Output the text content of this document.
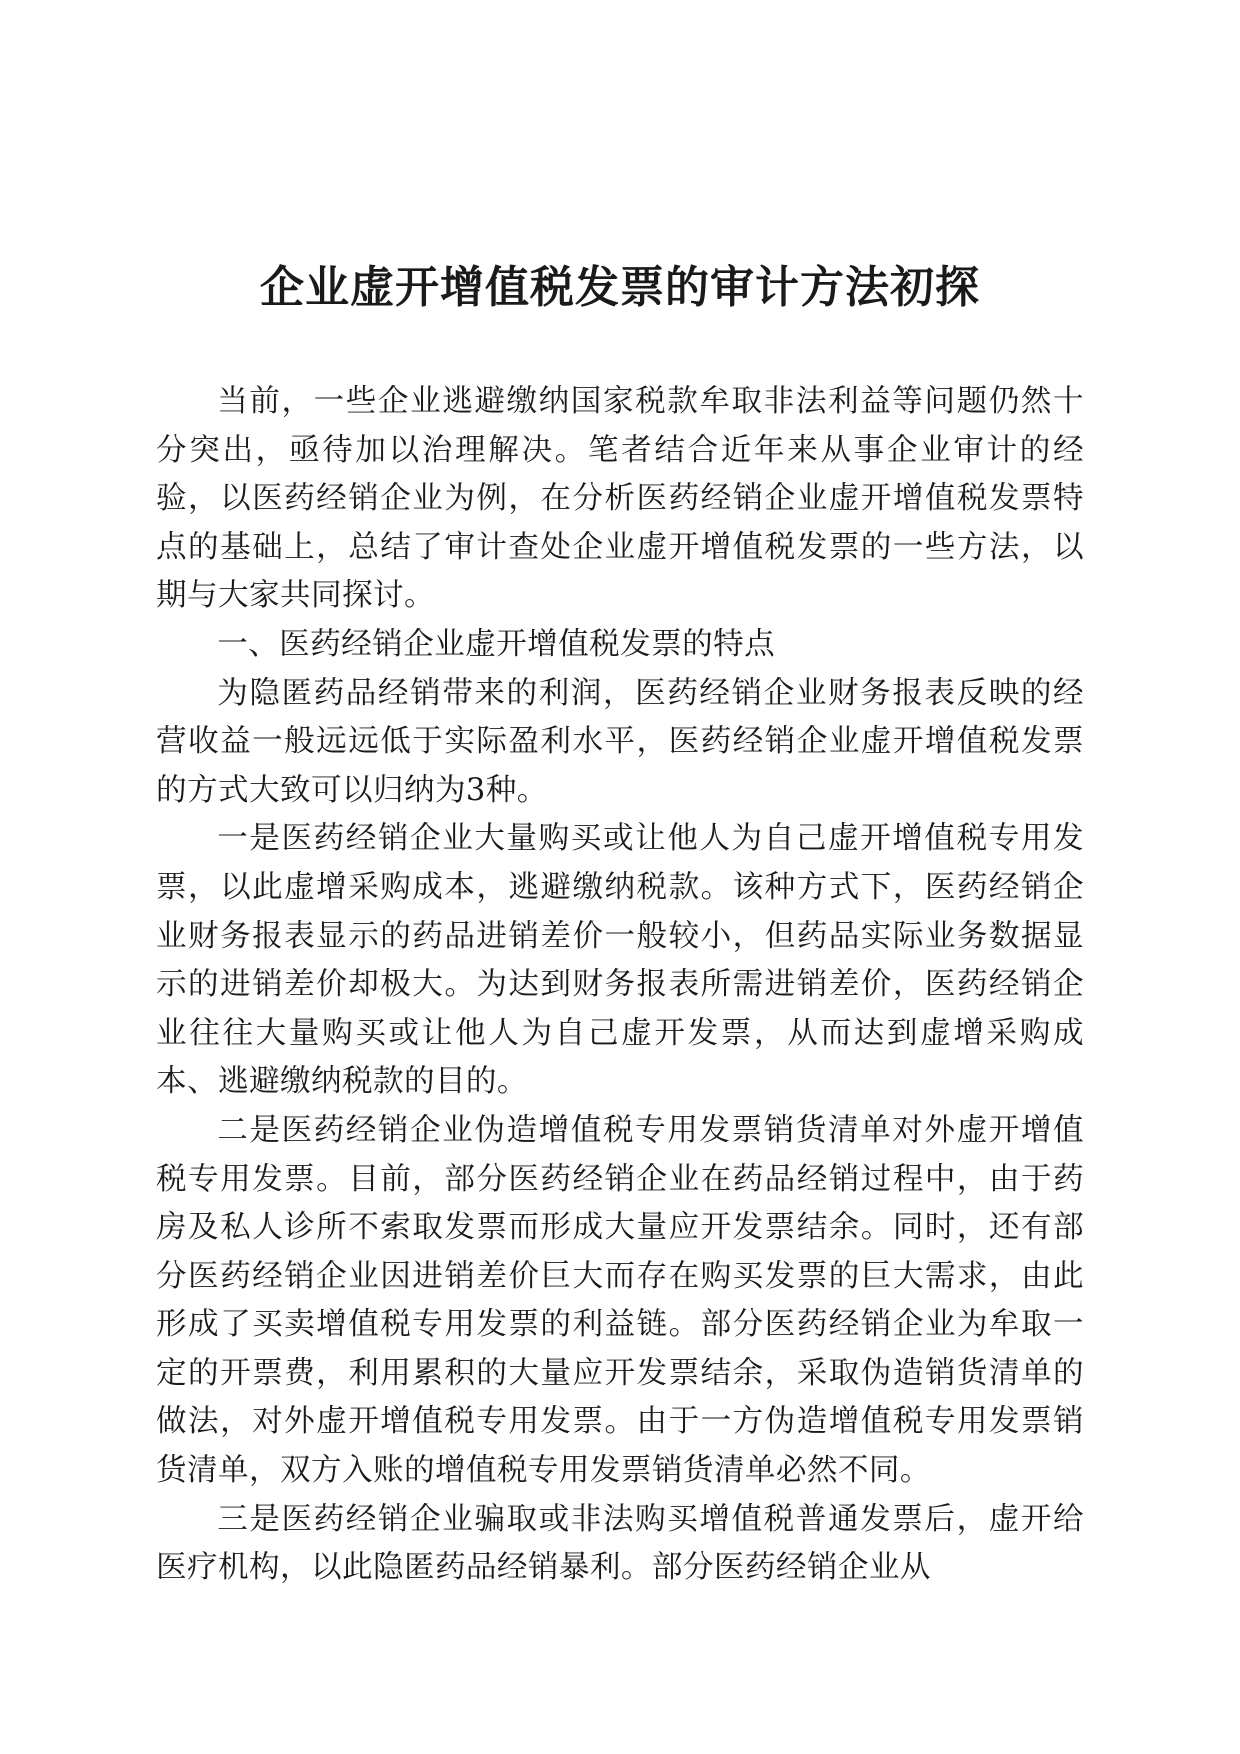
企业虚开增值税发票的审计方法初探

当前，一些企业逃避缴纳国家税款牟取非法利益等问题仍然十分突出，亟待加以治理解决。笔者结合近年来从事企业审计的经验，以医药经销企业为例，在分析医药经销企业虚开增值税发票特点的基础上，总结了审计查处企业虚开增值税发票的一些方法，以期与大家共同探讨。

一、医药经销企业虚开增值税发票的特点

为隐匿药品经销带来的利润，医药经销企业财务报表反映的经营收益一般远远低于实际盈利水平，医药经销企业虚开增值税发票的方式大致可以归纳为3种。

一是医药经销企业大量购买或让他人为自己虚开增值税专用发票，以此虚增采购成本，逃避缴纳税款。该种方式下，医药经销企业财务报表显示的药品进销差价一般较小，但药品实际业务数据显示的进销差价却极大。为达到财务报表所需进销差价，医药经销企业往往大量购买或让他人为自己虚开发票，从而达到虚增采购成本、逃避缴纳税款的目的。

二是医药经销企业伪造增值税专用发票销货清单对外虚开增值税专用发票。目前，部分医药经销企业在药品经销过程中，由于药房及私人诊所不索取发票而形成大量应开发票结余。同时，还有部分医药经销企业因进销差价巨大而存在购买发票的巨大需求，由此形成了买卖增值税专用发票的利益链。部分医药经销企业为牟取一定的开票费，利用累积的大量应开发票结余，采取伪造销货清单的做法，对外虚开增值税专用发票。由于一方伪造增值税专用发票销货清单，双方入账的增值税专用发票销货清单必然不同。

三是医药经销企业骗取或非法购买增值税普通发票后，虚开给医疗机构，以此隐匿药品经销暴利。部分医药经销企业从
